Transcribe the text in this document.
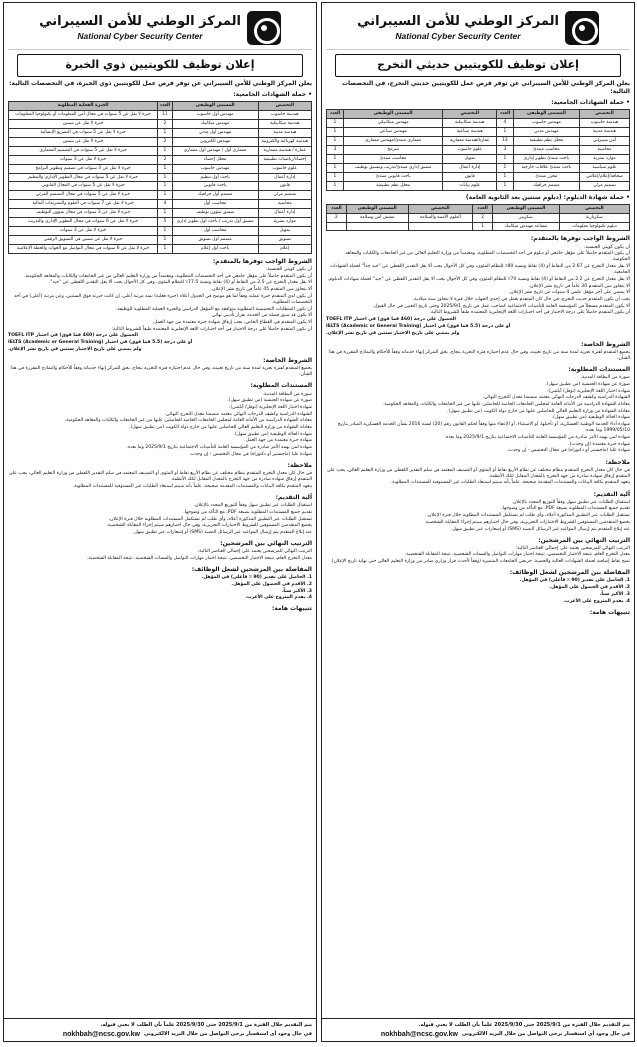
المركز الوطني للأمن السيبراني
National Cyber Security Center
إعلان توظيف للكويتيين حديثي التخرج
يعلن المركز الوطني للأمن السيبراني عن توفر فرص عمل للكويتيين حديثي التخرج، في التخصصات التالية:
• حملة الشهادات الجامعية:
التخصص	المسمى الوظيفي	العدد	التخصص	المسمى الوظيفي	العدد
هندسة حاسوب	مهندس حاسوب	4	هندسة ميكانيكية	مهندس ميكانيكي	1
هندسة مدنية	مهندس مدني	1	هندسة صناعية	مهندس صناعي	1
أمن سيبراني	محلل نظم تطبيقية	13	عمارة/هندسة معمارية	معماري مبتدئ/مهندس معماري	1
محاسبة	محاسب مبتدئ	3	علوم حاسوب	مبرمج	3
موارد بشرية	باحث مبتدئ تطوير إداري	1	تمويل	محاسب مبتدئ	1
علوم سياسية	باحث مبتدئ علاقات خارجية	1	إدارة أعمال	منسق إداري مبتدئ/تدريب وتنسيق توظيف	1
صحافة/إعلام/إعلامي	محرر مبتدئ	1	قانون	باحث قانوني مبتدئ	1
تصميم مرئي	مصمم جرافيك	1	علوم بيانات	محلل نظم تطبيقية	1
• حملة شهادة الدبلوم: (دبلوم سنتين بعد الثانوية العامة)
التخصص	المسمى الوظيفي	العدد	التخصص	المسمى الوظيفي	العدد
سكرتارية	سكرتير	2	العلوم الأمنية والسلامة	مفتش أمن وسلامة	2
دبلوم تكنولوجيا معلومات	مساعد مهندس ميكانيك	1			
الشروط الواجب توفرها بالمتقدم:
أن يكون كويتي الجنسية.
أن يكون المتقدم حاصلاً على مؤهل جامعي أو دبلوم في أحد التخصصات المطلوبة، ومعتمداً من وزارة التعليم العالي من غير الجامعات والكليات والمعاهد الحكومية.
ألا يقل معدل التخرج عن 2.67 من النقاط أو (4) نقاط ونسبة 80٪ للنظام المئوي، وفي كل الأحوال يجب ألا يقل التقدير اللفظي عن "جيد جداً" لحملة الشهادات الجامعية.
ألا يقل معدل التخرج عن 2.2 من النقاط أو (4) نقاط ونسبة 70٪ للنظام المئوي، وفي كل الأحوال يجب ألا يقل التقدير اللفظي عن "جيد" لحملة شهادات الدبلوم.
ألا يتجاوز سن المتقدم 30 عاماً في تاريخ نشر الإعلان.
ألا يمضي على آخر مؤهل علمي 4 سنوات من تاريخ نشر الإعلان.
يجب أن يكون المتقدم حديث التخرج، في حال كان المتقدم يعمل في إحدى الجهات خلال فترة لا تتجاوز سنة ميلادية.
ألا يكون المتقدم مسجلاً في المؤسسة العامة للتأمينات الاجتماعية كصاحب عمل في تاريخ 2025/9/1 وحتى تاريخ التعيين في حال القبول.
أن يكون المتقدم حاصلاً على درجة الاجتياز في أحد اختبارات اللغة الإنجليزية المعتمدة طبقاً للشروط التالية:
الحصول على درجة (460 فما فوق) في اختبار TOEFL ITP
أو على درجة (5.5 فما فوق) في اختبار IELTS (Academic or General Training)
ولم يمضي على تاريخ الاختبار سنتين في تاريخ نشر الإعلان.
الشروط الخاصة:
يخضع المتقدم لفترة تجربة لمدة سنة من تاريخ تعيينه، وفي حال عدم اجتيازه فترة التجربة بنجاح، يحق للمركز إنهاء خدماته وفقاً للأحكام والنماذج المقررة في هذا الشأن.
المستندات المطلوبة:
صورة من البطاقة المدنية.
صورة عن شهادة الجنسية (من تطبيق سهل).
شهادة اختبار اللغة الإنجليزية (توفل/ آيلتس).
الشهادة الدراسية وكشف الدرجات النهائي معتمد متضمنا معدل التخرج النهائي.
معادلة الشهادة الدراسية من الأمانة العامة لمجلس الجامعات الخاصة للحاصلين عليها من غير الجامعات والكليات والمعاهد الحكومية.
معادلة الشهادة من وزارة التعليم العالي للحاصلين عليها من خارج دولة الكويت (من تطبيق سهل).
شهادة الحالة الوظيفية (من تطبيق سهل).
شهادة أداء الخدمة الوطنية العسكرية، أو تأجيلها، أو الاستثناء، أو الإعفاء منها وفقاً لحكم القانون رقم (20) لسنة 2016 بشأن الخدمة العسكرية الصادر بتاريخ 1999/05/10 وما بعده.
شهادة لمن يهمه الأمر صادرة من المؤسسة العامة للتأمينات الاجتماعية بتاريخ 2025/9/1 وما بعده.
شهادة خبرة معتمدة (إن وجدت).
شهادة عليا (ماجستير أو دكتوراه) في مجال التخصص - إن وجدت.
ملاحظة:
في حال كان معدل التخرج للمتقدم بنظام مختلف عن نظام الأربع نقاط أو المئوي أو التصنيف المعتمد في سلم التقدير اللفظي من وزارة التعليم العالي، يجب على المتقدم إرفاق شهادة صادرة من جهة التخرج بالمعدل المقابل لتلك الأنظمة.
يتعهد المتقدم بكافة البيانات والمستندات المقدمة صحيحة، علماً بأنه سيتم استبعاد الطلبات غير المستوفية للمستندات المطلوبة.
آلية التقديم:
استقبال الطلبات عبر تطبيق سهل وفقاً للتوزيع المحدد بالإعلان.
تقديم جميع المستندات المطلوبة بصيغة PDF، مع التأكد من وضوحها.
تستقبل الطلبات عبر التطبيق المذكورة أعلاه، وأي طلب لم تستكمل المستندات المطلوبة خلال فترة الإعلان.
يخضع المتقدمين المستوفين للشروط الاختبارات التحريرية، وفي حال اجتيازهم سيتم إجراء المقابلة الشخصية.
عند إبلاغ المتقدم يتم إرسال المواعيد عبر الرسائل النصية (SMS) أو إشعارات عبر تطبيق سهل.
الترتيب النهائي بين المرشحين:
الترتيب النهائي للمرشحين يعتمد على إجمالي العناصر التالية:
معدل التخرج العام، نتيجة الاختبار التخصصي، نتيجة اختبار مهارات التواصل والسمات الشخصية، نتيجة المقابلة الشخصية.
تمنح نقاط إضافية لحملة الشهادات العالية والخصية، خريجي الجامعات المتميزة (وفقاً لأحدث قرار وزاري صادر من وزارة التعليم العالي حتى نهاية تاريخ الإعلان).
المفاضلة بين المرشحين لشغل الوظائف:
1. الحاصل على تقدير (90 ٪ فأعلى) في المؤهل.
2. الأقدم في الحصول على المؤهل.
3. الأكبر سناً.
4. يقدم المتزوج على الأعزب.
تنبيهات هامة:
يتم التقديم خلال الفترة من 2025/9/1 حتى 2025/9/30 علماً بأن الطلب لا يعني قبوله.
في حال وجود أي استفسار يرجى التواصل من خلال البريد الالكتروني
nokhbah@ncsc.gov.kw
المركز الوطني للأمن السيبراني
National Cyber Security Center
إعلان توظيف للكويتيين ذوي الخبرة
يعلن المركز الوطني للأمن السيبراني عن توفر فرص عمل للكويتيين ذوي الخبرة، في التخصصات التالية:
• حملة الشهادات الجامعية:
التخصص	المسمى الوظيفي	العدد	الخبرة الفعلية المطلوبة
هندسة حاسوب	مهندس أول حاسوب	11	خبرة لا تقل عن 5 سنوات في مجال أمن المعلومات أو تكنولوجيا المعلومات
هندسة ميكانيكية	مهندس ميكانيك	2	خبرة لا تقل عن سنتين
هندسة مدنية	مهندس أول مدني	1	خبرة لا تقل عن 5 سنوات في التشريع الإنشائية
هندسة كهربائية والكترونية	مهندس الكتروني	2	خبرة لا تقل عن سنتين
عمارة / هندسة معمارية	معماري أول / مهندس أول معماري	1	خبرة لا تقل عن 5 سنوات في التصميم المعماري
إحصاء/رياضيات تطبيقية	محلل إحصاء	2	خبرة لا تقل عن 3 سنوات
علوم حاسوب	مهندس حاسوب	1	خبرة لا تقل عن 3 سنوات في تصميم وتطوير البرامج
إدارة أعمال	باحث أول تنظيم	1	خبرة لا تقل عن 5 سنوات في مجال التطوير الإداري والتنظيم
قانون	باحث قانوني	1	خبرة لا تقل عن 5 سنوات في المجال القانوني
تصميم مرئي	مصمم أول جرافيك	1	خبرة لا تقل عن 5 سنوات في مجال التصميم المرئي
محاسبة	محاسب أول	4	خبرة لا تقل عن 7 سنوات في العلوم والتشريعات المالية
إدارة أعمال	منسق شؤون توظيف	1	خبرة لا تقل عن 3 سنوات في مجال شؤون التوظيف
موارد بشرية	منسق أول تدريب / باحث أول تطوير إداري	5	خبرة لا تقل عن 6 سنوات في مجال التطوير الإداري والتدريب
تمويل	محاسب أول	1	خبرة لا تقل عن 3 سنوات
تسويق	مصمم أول تسويق	1	خبرة لا تقل عن سنتين في التسويق الرقمي
إعلام	باحث أول إعلام	1	خبرة لا تقل عن 6 سنوات في مجال التواصل مع الجهات والخطة الإعلامية
الشروط الواجب توفرها بالمتقدم:
أن يكون كويتي الجنسية.
أن يكون المتقدم حاصلاً على مؤهل جامعي في أحد التخصصات المطلوبة، ومعتمداً من وزارة التعليم العالي من غير الجامعات والكليات والمعاهد الحكومية.
ألا يقل معدل التخرج عن 2.5 من النقاط أو (4) نقاط ونسبة 77.5٪ للنظام المئوي، وفي كل الأحوال يجب ألا يقل التقدير اللفظي عن "جيد".
ألا يتجاوز سن المتقدم 45 عاماً في تاريخ نشر الإعلان.
أن يكون لدى المتقدم خبرة عملية وفقاً لما هو موضح في الجدول أعلاه (خبرة فعلية) تمتد مرتبة أعلى، إن كانت خبرته فوق السنتين، وعن مرتبة (أعلى) في أحد التخصصات المطلوبة.
أن تكون المتطلبات التخصصية المطلوبة متوافقة مع المؤهل الدراسي والخبرة العملية المطلوبة للوظيفة.
ألا يكون قد سبق فصله من الخدمة بقرار تأديبي نهائي.
ألا يكون المتقدم في القطاع الخاص، يجب إرفاق شهادة خبرة معتمدة من جهة العمل.
أن يكون المتقدم حاصلاً على درجة الاجتياز في أحد اختبارات اللغة الإنجليزية المعتمدة طبقاً للشروط التالية:
الحصول على درجة (460 فما فوق) في اختبار TOEFL ITP
أو على درجة (5.5 فما فوق) في اختبار IELTS (Academic or General Training)
ولم يمضي على تاريخ الاختبار سنتين في تاريخ نشر الإعلان.
الشروط الخاصة:
يخضع المتقدم لفترة تجربة لمدة سنة من تاريخ تعيينه، وفي حال عدم اجتيازه فترة التجربة بنجاح، يحق للمركز إنهاء خدماته وفقاً للأحكام والنماذج المقررة في هذا الشأن.
المستندات المطلوبة:
صورة من البطاقة المدنية.
صورة عن شهادة الجنسية (من تطبيق سهل).
شهادة اختبار اللغة الإنجليزية (توفل/ آيلتس).
الشهادة الدراسية وكشف الدرجات النهائي معتمد متضمنا معدل التخرج النهائي.
معادلة الشهادة الدراسية من الأمانة العامة لمجلس الجامعات الخاصة للحاصلين عليها من غير الجامعات والكليات والمعاهد الحكومية.
معادلة الشهادة من وزارة التعليم العالي للحاصلين عليها من خارج دولة الكويت (من تطبيق سهل).
شهادة الحالة الوظيفية (من تطبيق سهل).
شهادة خبرة معتمدة من جهة العمل.
شهادة لمن يهمه الأمر صادرة من المؤسسة العامة للتأمينات الاجتماعية بتاريخ 2025/9/1 وما بعده.
شهادة عليا (ماجستير أو دكتوراه) في مجال التخصص - إن وجدت.
ملاحظة:
في حال كان معدل التخرج للمتقدم بنظام مختلف عن نظام الأربع نقاط أو المئوي أو التصنيف المعتمد في سلم التقدير اللفظي من وزارة التعليم العالي، يجب على المتقدم إرفاق شهادة صادرة من جهة التخرج بالمعدل المقابل لتلك الأنظمة.
يتعهد المتقدم بكافة البيانات والمستندات المقدمة صحيحة، علماً بأنه سيتم استبعاد الطلبات غير المستوفية للمستندات المطلوبة.
آلية التقديم:
استقبال الطلبات عبر تطبيق سهل وفقاً للتوزيع المحدد بالإعلان.
تقديم جميع المستندات المطلوبة بصيغة PDF، مع التأكد من وضوحها.
تستقبل الطلبات عبر التطبيق المذكورة أعلاه، وأي طلب لم تستكمل المستندات المطلوبة خلال فترة الإعلان.
يخضع المتقدمين المستوفين للشروط الاختبارات التحريرية، وفي حال اجتيازهم سيتم إجراء المقابلة الشخصية.
عند إبلاغ المتقدم يتم إرسال المواعيد عبر الرسائل النصية (SMS) أو إشعارات عبر تطبيق سهل.
الترتيب النهائي بين المرشحين:
الترتيب النهائي للمرشحين يعتمد على إجمالي العناصر التالية:
معدل التخرج العام، نتيجة الاختبار التخصصي، نتيجة اختبار مهارات التواصل والسمات الشخصية، نتيجة المقابلة الشخصية.
المفاضلة بين المرشحين لشغل الوظائف:
1. الحاصل على تقدير (90 ٪ فأعلى) في المؤهل.
2. الأقدم في الحصول على المؤهل.
3. الأكبر سناً.
4. يقدم المتزوج على الأعزب.
تنبيهات هامة:
يتم التقديم خلال الفترة من 2025/9/1 حتى 2025/9/30 علماً بأن الطلب لا يعني قبوله.
في حال وجود أي استفسار يرجى التواصل من خلال البريد الالكتروني
nokhbah@ncsc.gov.kw
